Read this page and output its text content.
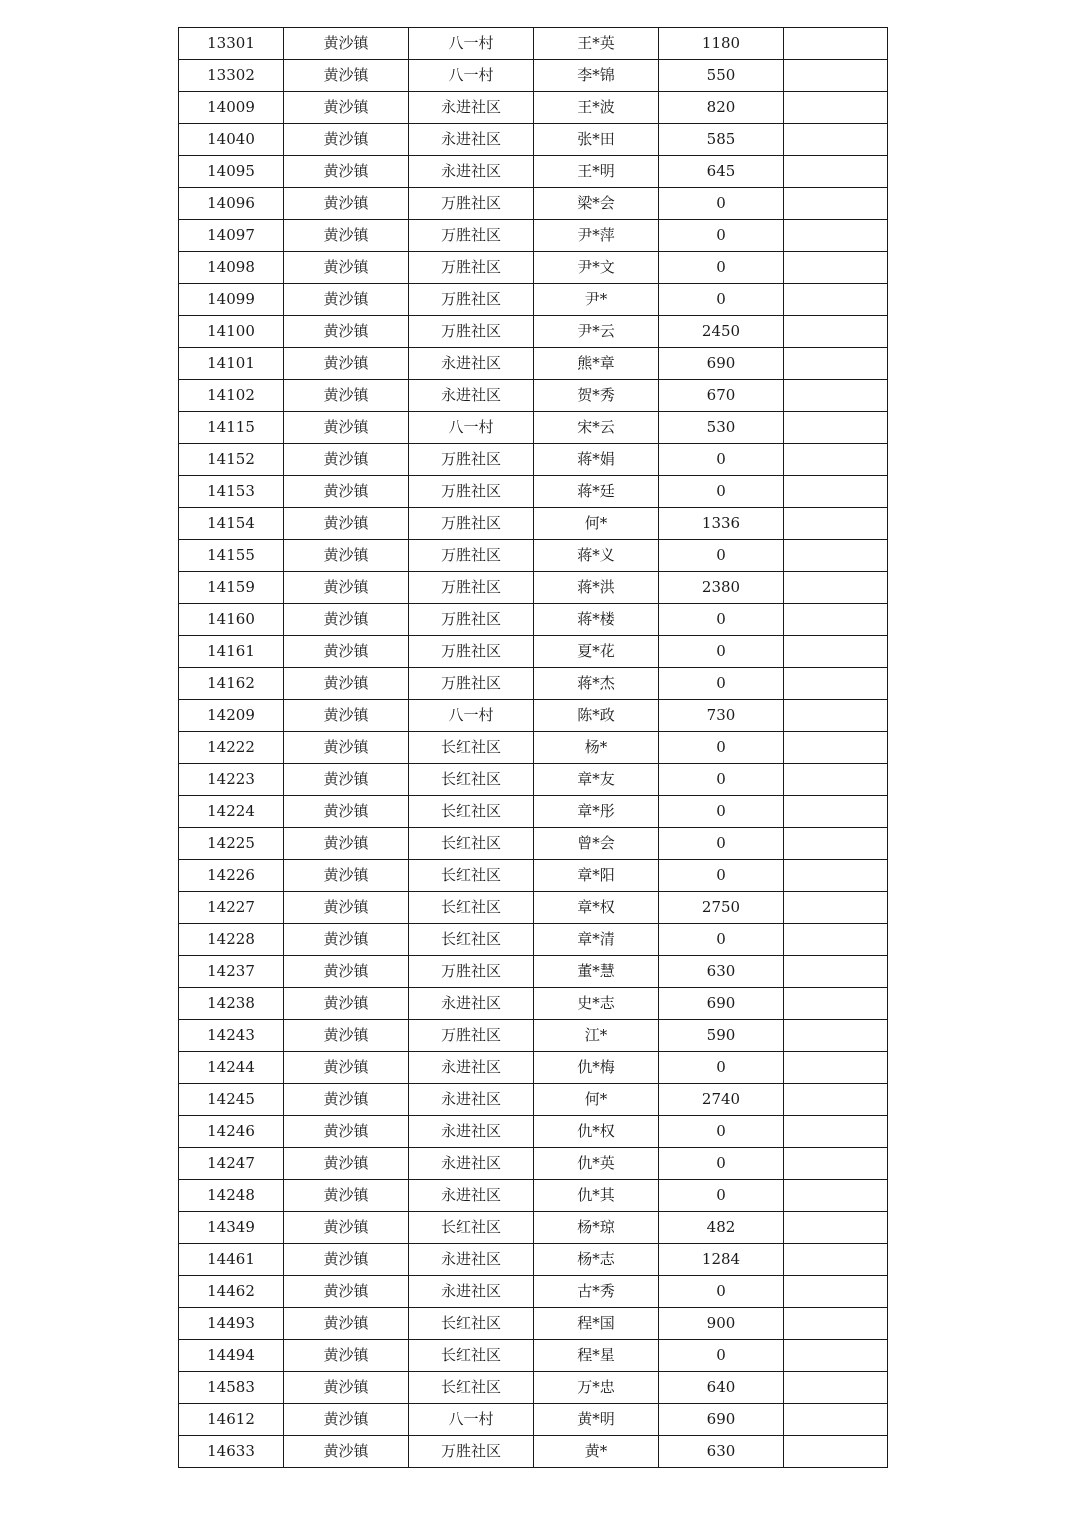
13301	黄沙镇	八一村	王*英	1180	
13302	黄沙镇	八一村	李*锦	550	
14009	黄沙镇	永进社区	王*波	820	
14040	黄沙镇	永进社区	张*田	585	
14095	黄沙镇	永进社区	王*明	645	
14096	黄沙镇	万胜社区	梁*会	0	
14097	黄沙镇	万胜社区	尹*萍	0	
14098	黄沙镇	万胜社区	尹*文	0	
14099	黄沙镇	万胜社区	尹*	0	
14100	黄沙镇	万胜社区	尹*云	2450	
14101	黄沙镇	永进社区	熊*章	690	
14102	黄沙镇	永进社区	贺*秀	670	
14115	黄沙镇	八一村	宋*云	530	
14152	黄沙镇	万胜社区	蒋*娟	0	
14153	黄沙镇	万胜社区	蒋*廷	0	
14154	黄沙镇	万胜社区	何*	1336	
14155	黄沙镇	万胜社区	蒋*义	0	
14159	黄沙镇	万胜社区	蒋*洪	2380	
14160	黄沙镇	万胜社区	蒋*楼	0	
14161	黄沙镇	万胜社区	夏*花	0	
14162	黄沙镇	万胜社区	蒋*杰	0	
14209	黄沙镇	八一村	陈*政	730	
14222	黄沙镇	长红社区	杨*	0	
14223	黄沙镇	长红社区	章*友	0	
14224	黄沙镇	长红社区	章*彤	0	
14225	黄沙镇	长红社区	曾*会	0	
14226	黄沙镇	长红社区	章*阳	0	
14227	黄沙镇	长红社区	章*权	2750	
14228	黄沙镇	长红社区	章*清	0	
14237	黄沙镇	万胜社区	董*慧	630	
14238	黄沙镇	永进社区	史*志	690	
14243	黄沙镇	万胜社区	江*	590	
14244	黄沙镇	永进社区	仇*梅	0	
14245	黄沙镇	永进社区	何*	2740	
14246	黄沙镇	永进社区	仇*权	0	
14247	黄沙镇	永进社区	仇*英	0	
14248	黄沙镇	永进社区	仇*其	0	
14349	黄沙镇	长红社区	杨*琼	482	
14461	黄沙镇	永进社区	杨*志	1284	
14462	黄沙镇	永进社区	古*秀	0	
14493	黄沙镇	长红社区	程*国	900	
14494	黄沙镇	长红社区	程*星	0	
14583	黄沙镇	长红社区	万*忠	640	
14612	黄沙镇	八一村	黄*明	690	
14633	黄沙镇	万胜社区	黄*	630	
